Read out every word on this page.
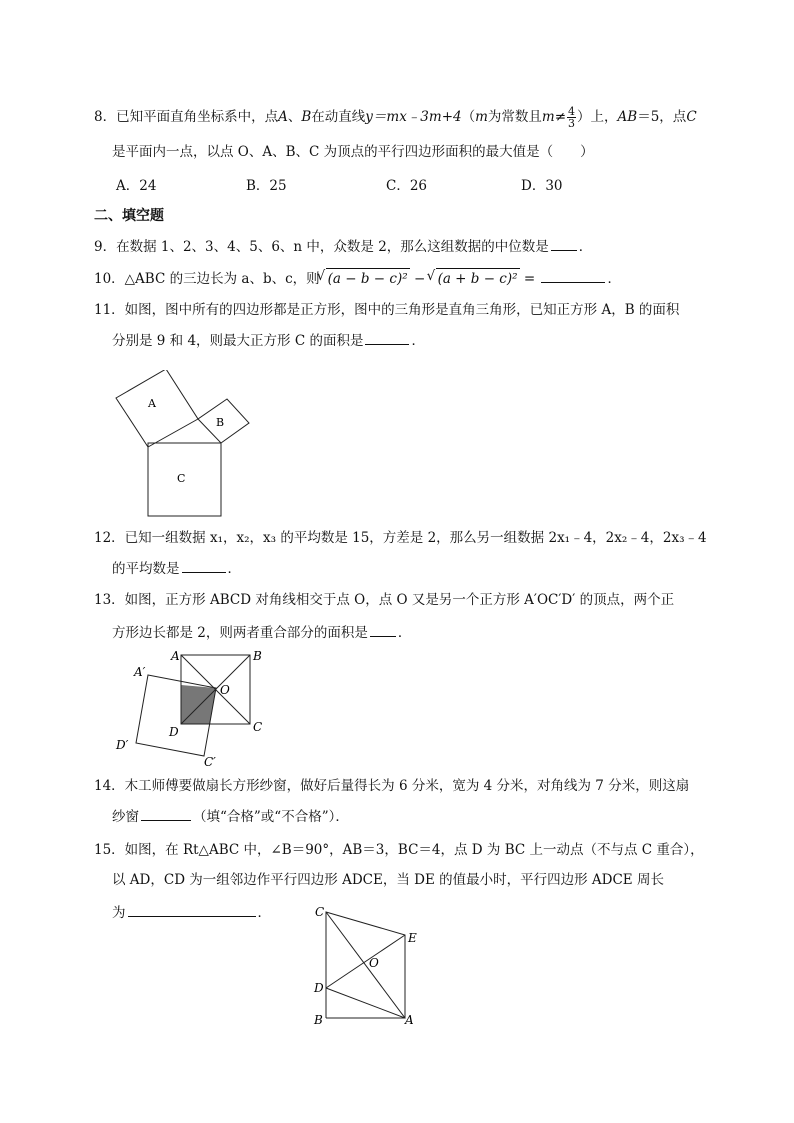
8．已知平面直角坐标系中，点A、B在动直线y＝mx﹣3m+4（m为常数且$m\ne \frac{4}{3}$ ）上，AB＝5，点C
是平面内一点，以点 O、A、B、C 为顶点的平行四边形面积的最大值是（　　）
A．24	B．25	C．26	D．30
二、填空题
9．在数据 1、2、3、4、5、6、n 中，众数是 2，那么这组数据的中位数是 ．
10．△ABC 的三边长为 a、b、c，则√ (a − b − c)² − √ (a + b − c)² =	．
11．如图，图中所有的四边形都是正方形，图中的三角形是直角三角形，已知正方形 A，B 的面积
分别是 9 和 4，则最大正方形 C 的面积是	．
A
B
C
12．已知一组数据 x₁，x₂，x₃ 的平均数是 15，方差是 2，那么另一组数据 2x₁﹣4，2x₂﹣4，2x₃﹣4
的平均数是	．
13．如图，正方形 ABCD 对角线相交于点 O，点 O 又是另一个正方形 A′OC′D′ 的顶点，两个正
方形边长都是 2，则两者重合部分的面积是 ．
A	B
C
D
O
A′
C′
D′
14．木工师傅要做扇长方形纱窗，做好后量得长为 6 分米，宽为 4 分米，对角线为 7 分米，则这扇
纱窗	（填“合格”或“不合格”）．
15．如图，在 Rt△ABC 中，∠B＝90°，AB＝3，BC＝4，点 D 为 BC 上一动点（不与点 C 重合），
以 AD，CD 为一组邻边作平行四边形 ADCE，当 DE 的值最小时，平行四边形 ADCE 周长
为	．	C
E
O
D
B	A
